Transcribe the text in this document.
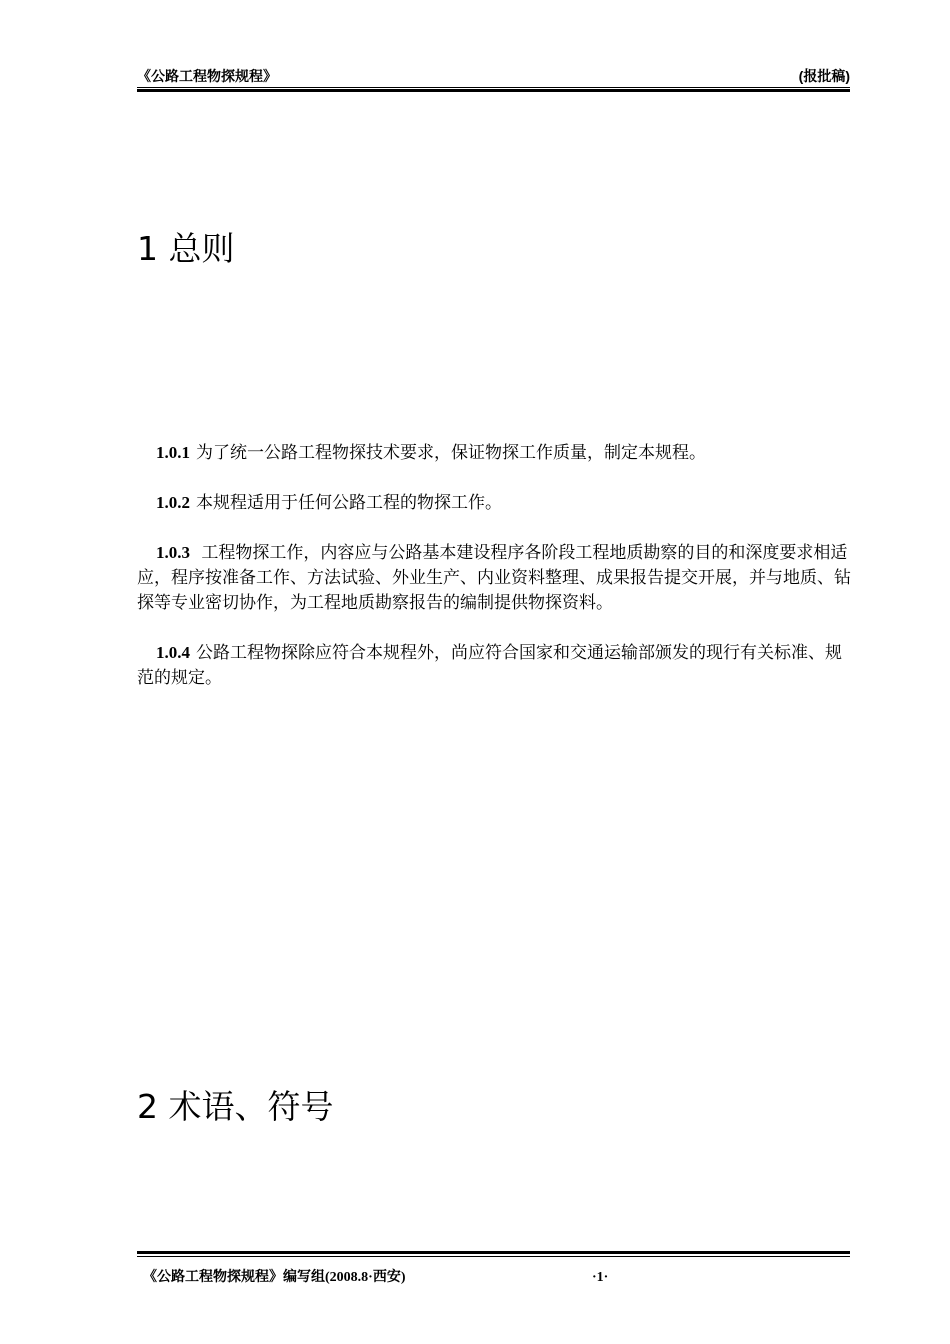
《公路工程物探规程》	(报批稿)
1 总则
1.0.1 为了统一公路工程物探技术要求，保证物探工作质量，制定本规程。
1.0.2 本规程适用于任何公路工程的物探工作。
1.0.3 工程物探工作，内容应与公路基本建设程序各阶段工程地质勘察的目的和深度要求相适应，程序按准备工作、方法试验、外业生产、内业资料整理、成果报告提交开展，并与地质、钻探等专业密切协作，为工程地质勘察报告的编制提供物探资料。
1.0.4 公路工程物探除应符合本规程外，尚应符合国家和交通运输部颁发的现行有关标准、规范的规定。
2 术语、符号
《公路工程物探规程》编写组(2008.8·西安)	·1·
